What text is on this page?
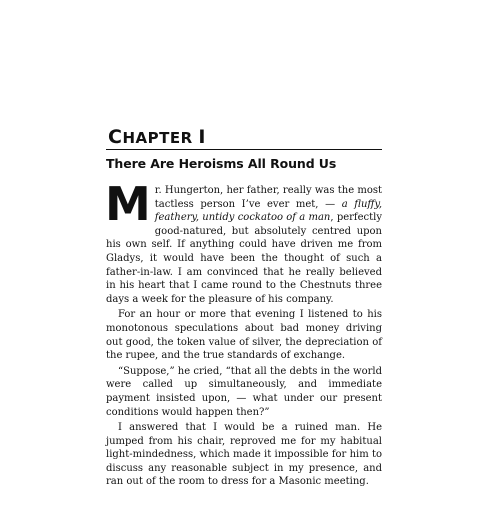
CHAPTER I
There Are Heroisms All Round Us

Mr. Hungerton, her father, really was the most tactless person I’ve ever met, — a fluffy, feathery, untidy cockatoo of a man, perfectly good-natured, but absolutely centred upon his own self. If anything could have driven me from Gladys, it would have been the thought of such a father-in-law. I am convinced that he really believed in his heart that I came round to the Chestnuts three days a week for the pleasure of his company.

For an hour or more that evening I listened to his monotonous speculations about bad money driving out good, the token value of silver, the depreciation of the rupee, and the true standards of exchange.

“Suppose,” he cried, “that all the debts in the world were called up simultaneously, and immediate payment insisted upon, — what under our present conditions would happen then?”

I answered that I would be a ruined man. He jumped from his chair, reproved me for my habitual light-mindedness, which made it impossible for him to discuss any reasonable subject in my presence, and ran out of the room to dress for a Masonic meeting.
